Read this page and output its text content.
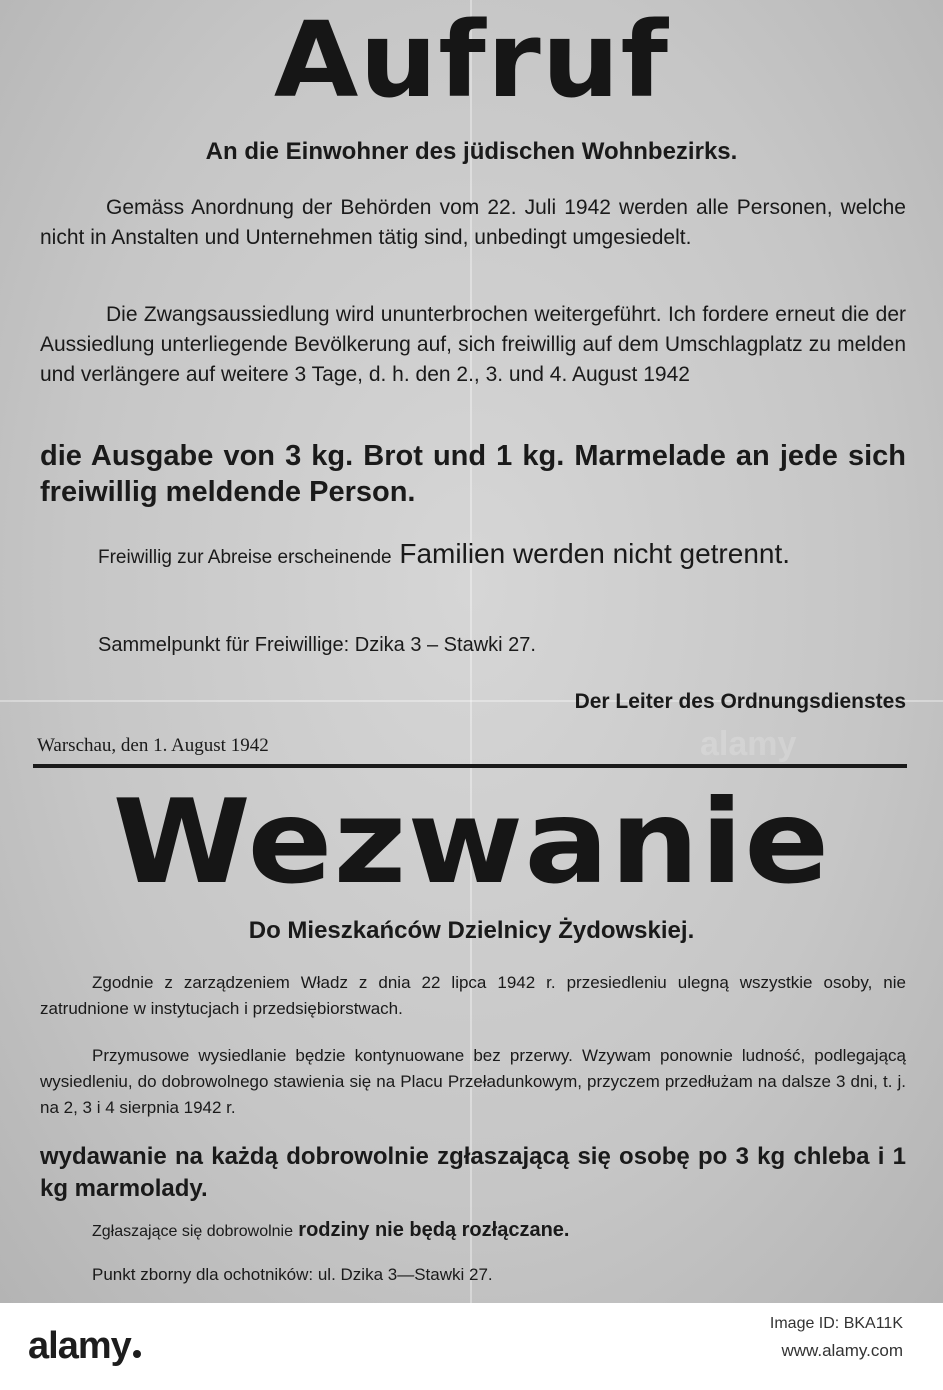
Aufruf
An die Einwohner des jüdischen Wohnbezirks.

Gemäss Anordnung der Behörden vom 22. Juli 1942 werden alle Personen, welche nicht in Anstalten und Unternehmen tätig sind, unbedingt umgesiedelt.

Die Zwangsaussiedlung wird ununterbrochen weitergeführt. Ich fordere erneut die der Aussiedlung unterliegende Bevölkerung auf, sich freiwillig auf dem Umschlagplatz zu melden und verlängere auf weitere 3 Tage, d. h. den 2., 3. und 4. August 1942

die Ausgabe von 3 kg. Brot und 1 kg. Marmelade an jede sich freiwillig meldende Person.

Freiwillig zur Abreise erscheinende Familien werden nicht getrennt.

Sammelpunkt für Freiwillige: Dzika 3 – Stawki 27.

Der Leiter des Ordnungsdienstes
Warschau, den 1. August 1942	alamy
Wezwanie
Do Mieszkańców Dzielnicy Żydowskiej.

Zgodnie z zarządzeniem Władz z dnia 22 lipca 1942 r. przesiedleniu ulegną wszystkie osoby, nie zatrudnione w instytucjach i przedsiębiorstwach.

Przymusowe wysiedlanie będzie kontynuowane bez przerwy. Wzywam ponownie ludność, podlegającą wysiedleniu, do dobrowolnego stawienia się na Placu Przeładunkowym, przyczem przedłużam na dalsze 3 dni, t. j. na 2, 3 i 4 sierpnia 1942 r.

wydawanie na każdą dobrowolnie zgłaszającą się osobę po 3 kg chleba i 1 kg marmolady.

Zgłaszające się dobrowolnie rodziny nie będą rozłączane.

Punkt zborny dla ochotników: ul. Dzika 3—Stawki 27.

alamy
Image ID: BKA11K
www.alamy.com
